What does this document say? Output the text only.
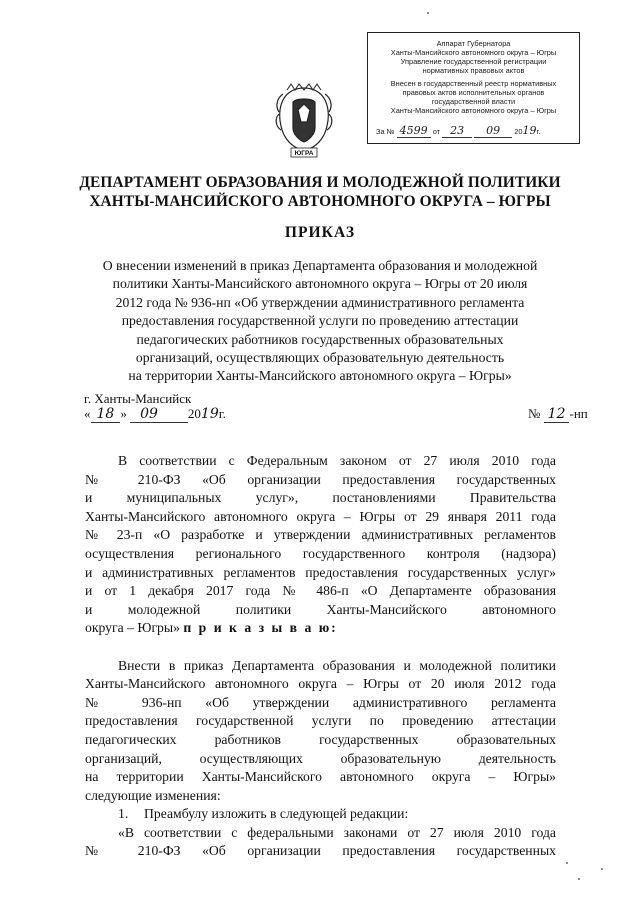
Аппарат Губернатора
Ханты-Мансийского автономного округа – Югры
Управление государственной регистрации
нормативных правовых актов
Внесен в государственный реестр нормативных
правовых актов исполнительных органов
государственной власти
Ханты-Мансийского автономного округа – Югры
За № 4599 от 23 09 2019г.
ЮГРА
ДЕПАРТАМЕНТ ОБРАЗОВАНИЯ И МОЛОДЕЖНОЙ ПОЛИТИКИ
ХАНТЫ-МАНСИЙСКОГО АВТОНОМНОГО ОКРУГА – ЮГРЫ
ПРИКАЗ
О внесении изменений в приказ Департамента образования и молодежной
политики Ханты-Мансийского автономного округа – Югры от 20 июля
2012 года № 936-нп «Об утверждении административного регламента
предоставления государственной услуги по проведению аттестации
педагогических работников государственных образовательных
организаций, осуществляющих образовательную деятельность
на территории Ханты-Мансийского автономного округа – Югры»
г. Ханты-Мансийск
« 18 » 09 2019г.	№ 12 -нп
В соответствии с Федеральным законом от 27 июля 2010 года
№ 210-ФЗ «Об организации предоставления государственных
и муниципальных услуг», постановлениями Правительства
Ханты-Мансийского автономного округа – Югры от 29 января 2011 года
№ 23-п «О разработке и утверждении административных регламентов
осуществления регионального государственного контроля (надзора)
и административных регламентов предоставления государственных услуг»
и от 1 декабря 2017 года № 486-п «О Департаменте образования
и молодежной политики Ханты-Мансийского автономного
округа – Югры» п р и к а з ы в а ю:
Внести в приказ Департамента образования и молодежной политики
Ханты-Мансийского автономного округа – Югры от 20 июля 2012 года
№ 936-нп «Об утверждении административного регламента
предоставления государственной услуги по проведению аттестации
педагогических работников государственных образовательных
организаций, осуществляющих образовательную деятельность
на территории Ханты-Мансийского автономного округа – Югры»
следующие изменения:
1. Преамбулу изложить в следующей редакции:
«В соответствии с федеральными законами от 27 июля 2010 года
№ 210-ФЗ «Об организации предоставления государственных
